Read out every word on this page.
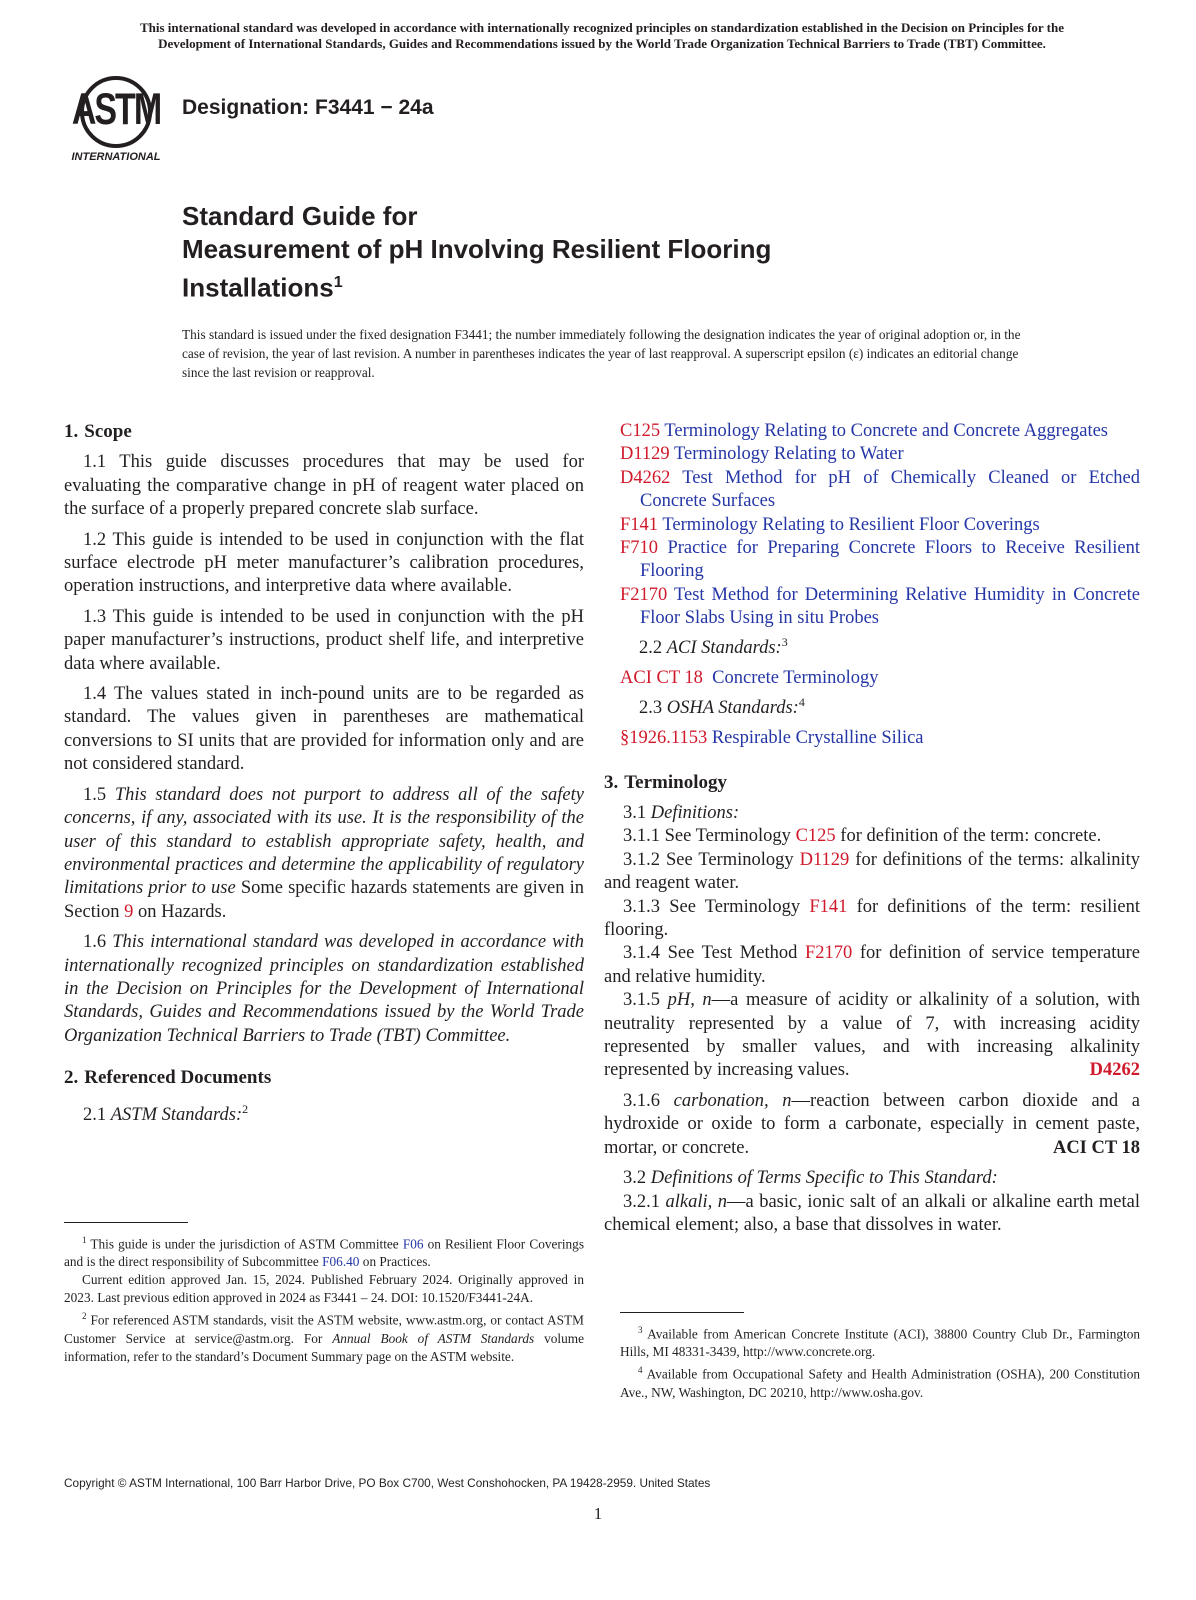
This international standard was developed in accordance with internationally recognized principles on standardization established in the Decision on Principles for the
Development of International Standards, Guides and Recommendations issued by the World Trade Organization Technical Barriers to Trade (TBT) Committee.
ASTM
INTERNATIONAL
Designation: F3441 − 24a
Standard Guide for
Measurement of pH Involving Resilient Flooring
Installations$^1$
This standard is issued under the fixed designation F3441; the number immediately following the designation indicates the year of original adoption or, in the case of revision, the year of last revision. A number in parentheses indicates the year of last reapproval. A superscript epsilon (ε) indicates an editorial change since the last revision or reapproval.
1. Scope

1.1 This guide discusses procedures that may be used for evaluating the comparative change in pH of reagent water placed on the surface of a properly prepared concrete slab surface.

1.2 This guide is intended to be used in conjunction with the flat surface electrode pH meter manufacturer’s calibration procedures, operation instructions, and interpretive data where available.

1.3 This guide is intended to be used in conjunction with the pH paper manufacturer’s instructions, product shelf life, and interpretive data where available.

1.4 The values stated in inch-pound units are to be regarded as standard. The values given in parentheses are mathematical conversions to SI units that are provided for information only and are not considered standard.

1.5 This standard does not purport to address all of the safety concerns, if any, associated with its use. It is the responsibility of the user of this standard to establish appropriate safety, health, and environmental practices and determine the applicability of regulatory limitations prior to use Some specific hazards statements are given in Section 9 on Hazards.

1.6 This international standard was developed in accordance with internationally recognized principles on standardization established in the Decision on Principles for the Development of International Standards, Guides and Recommendations issued by the World Trade Organization Technical Barriers to Trade (TBT) Committee.

2. Referenced Documents

2.1 ASTM Standards:$^2$

C125 Terminology Relating to Concrete and Concrete Aggregates
D1129 Terminology Relating to Water
D4262 Test Method for pH of Chemically Cleaned or Etched Concrete Surfaces
F141 Terminology Relating to Resilient Floor Coverings
F710 Practice for Preparing Concrete Floors to Receive Resilient Flooring
F2170 Test Method for Determining Relative Humidity in Concrete Floor Slabs Using in situ Probes

2.2 ACI Standards:$^3$

ACI CT 18 Concrete Terminology

2.3 OSHA Standards:$^4$

§1926.1153 Respirable Crystalline Silica
3. Terminology

3.1 Definitions:

3.1.1 See Terminology C125 for definition of the term: concrete.

3.1.2 See Terminology D1129 for definitions of the terms: alkalinity and reagent water.

3.1.3 See Terminology F141 for definitions of the term: resilient flooring.

3.1.4 See Test Method F2170 for definition of service temperature and relative humidity.

3.1.5 pH, n—a measure of acidity or alkalinity of a solution, with neutrality represented by a value of 7, with increasing acidity represented by smaller values, and with increasing alkalinity represented by increasing values.	D4262

3.1.6 carbonation, n—reaction between carbon dioxide and a hydroxide or oxide to form a carbonate, especially in cement paste, mortar, or concrete.	ACI CT 18

3.2 Definitions of Terms Specific to This Standard:

3.2.1 alkali, n—a basic, ionic salt of an alkali or alkaline earth metal chemical element; also, a base that dissolves in water.

$^1$ This guide is under the jurisdiction of ASTM Committee F06 on Resilient Floor Coverings and is the direct responsibility of Subcommittee F06.40 on Practices.

Current edition approved Jan. 15, 2024. Published February 2024. Originally approved in 2023. Last previous edition approved in 2024 as F3441 – 24. DOI: 10.1520/F3441-24A.

$^2$ For referenced ASTM standards, visit the ASTM website, www.astm.org, or contact ASTM Customer Service at service@astm.org. For Annual Book of ASTM Standards volume information, refer to the standard’s Document Summary page on the ASTM website.

$^3$ Available from American Concrete Institute (ACI), 38800 Country Club Dr., Farmington Hills, MI 48331-3439, http://www.concrete.org.

$^4$ Available from Occupational Safety and Health Administration (OSHA), 200 Constitution Ave., NW, Washington, DC 20210, http://www.osha.gov.

Copyright © ASTM International, 100 Barr Harbor Drive, PO Box C700, West Conshohocken, PA 19428-2959. United States
1
